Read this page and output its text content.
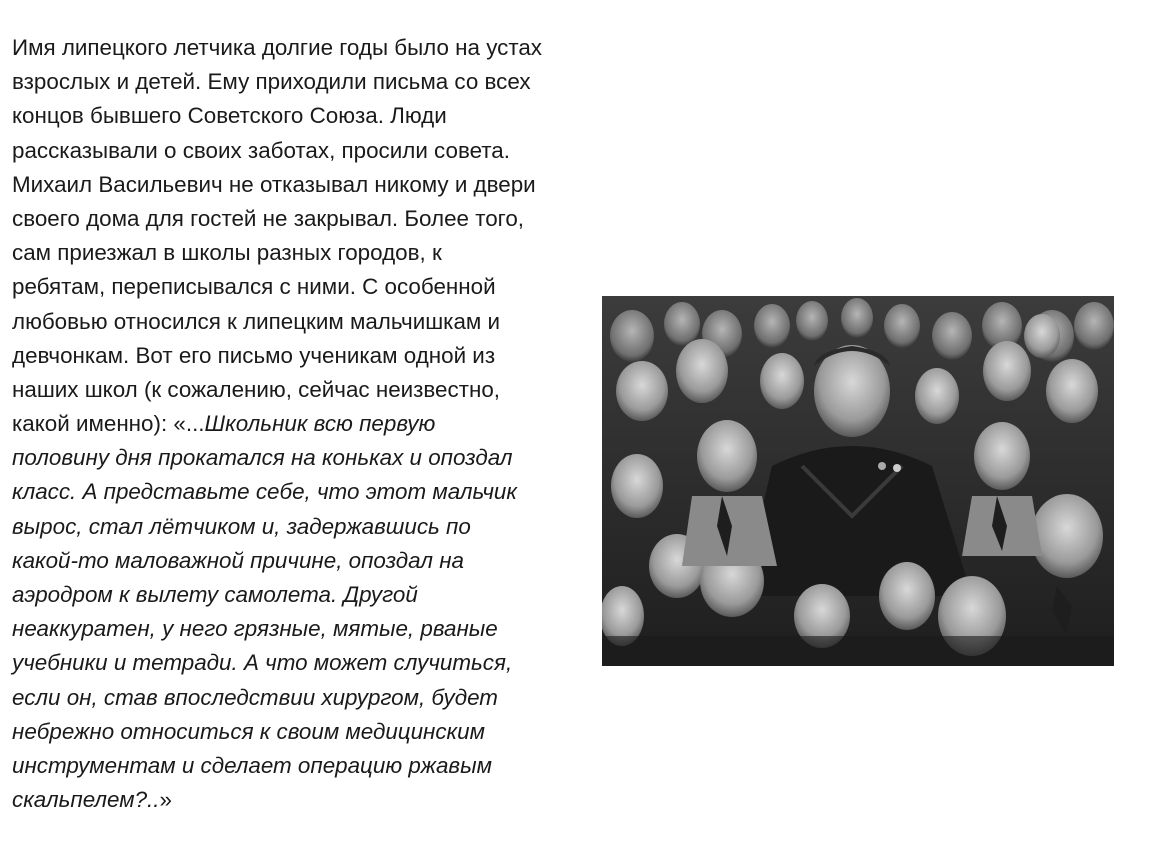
Имя липецкого летчика долгие годы было на устах
взрослых и детей. Ему приходили письма со всех
концов бывшего Советского Союза. Люди
рассказывали о своих заботах, просили совета.
Михаил Васильевич не отказывал никому и двери
своего дома для гостей не закрывал. Более того,
сам приезжал в школы разных городов, к
ребятам, переписывался с ними. С особенной
любовью относился к липецким мальчишкам и
девчонкам. Вот его письмо ученикам одной из
наших школ (к сожалению, сейчас неизвестно,
какой именно): «...Школьник всю первую
половину дня прокатался на коньках и опоздал
класс. А представьте себе, что этот мальчик
вырос, стал лётчиком и, задержавшись по
какой-то маловажной причине, опоздал на
аэродром к вылету самолета. Другой
неаккуратен, у него грязные, мятые, рваные
учебники и тетради. А что может случиться,
если он, став впоследствии хирургом, будет
небрежно относиться к своим медицинским
инструментам и сделает операцию ржавым
скальпелем?..»
